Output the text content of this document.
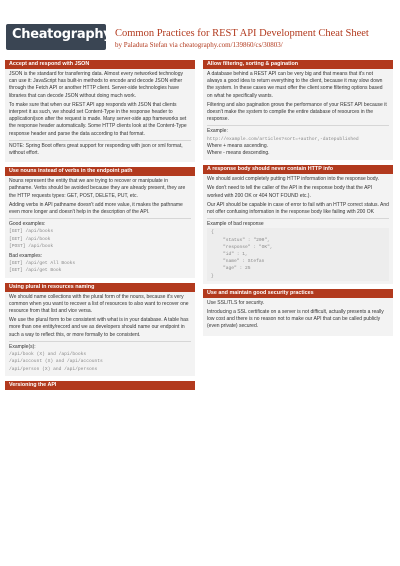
Cheatography Common Practices for REST API Development Cheat Sheet
by Paladuta Stefan via cheatography.com/139860/cs/30803/
Accept and respond with JSON
JSON is the standard for transferring data. Almost every networked technology can use it: JavaScript has built-in methods to encode and decode JSON either through the Fetch API or another HTTP client. Server-side technologies have libraries that can decode JSON without doing much work.
To make sure that when our REST API app responds with JSON that clients interpret it as such, we should set Content-Type in the response header to application/json after the request is made. Many server-side app frameworks set the response header automatically. Some HTTP clients look at the Content-Type response header and parse the data according to that format.
NOTE: Spring Boot offers great support for responding with json or xml format, without effort.
Use nouns instead of verbs in the endpoint path
Nouns represent the entity that we are trying to recover or manipulate in pathname. Verbs should be avoided because they are already present, they are the HTTP requests types: GET, POST, DELETE, PUT, etc.
Adding verbs in API pathname doesn't add more value, it makes the pathname even more longer and doesn't help in the description of the API.
Good examples:
[GET] /api/books
[GET] /api/book
[POST] /api/book
Bad examples:
[GET] /api/get All Books
[GET] /api/get Book
Using plural in resources naming
We should name collections with the plural form of the nouns, because it's very common when you want to recover a list of resources to also want to recover one resource from that list and vice versa.
We use the plural form to be consistent with what is in your database. A table has more than one entity/record and we as developers should name our endpoint in such a way to reflect this, or more formally to be consistent.
Example(s):
/api/book (X) and /api/books
/api/account (X) and /api/accounts
/api/person (X) and /api/persons
Versioning the API
Allow filtering, sorting & pagination
A database behind a REST API can be very big and that means that it's not always a good idea to return everything to the client, because it may slow down the system. In these cases we must offer the client some filtering options based on what he specifically wants.
Filtering and also pagination grows the performance of your REST API because it doesn't make the system to compile the entire database of resources in the response.
Example:
http://example.com/articles?sort=+author,-datepublished
Where + means ascending.
Where - means descending.
A response body should never contain HTTP info
We should avoid completely putting HTTP information into the response body.
We don't need to tell the caller of the API in the response body that the API worked with 200 OK or 404 NOT FOUND etc.).
Our API should be capable in case of error to fail with an HTTP correct status. And not offer confusing information in the response body like failing with 200 OK
Example of bad response
{
"status" : "200",
"response" : "OK",
"id" : 1,
"name" : Stefan
"age" : 25
}
Use and maintain good security practices
Use SSL/TLS for security.
Introducing a SSL certificate on a server is not difficult, actually presents a really low cost and there is no reason not to make our API that can be called publicly (even private) secured.
